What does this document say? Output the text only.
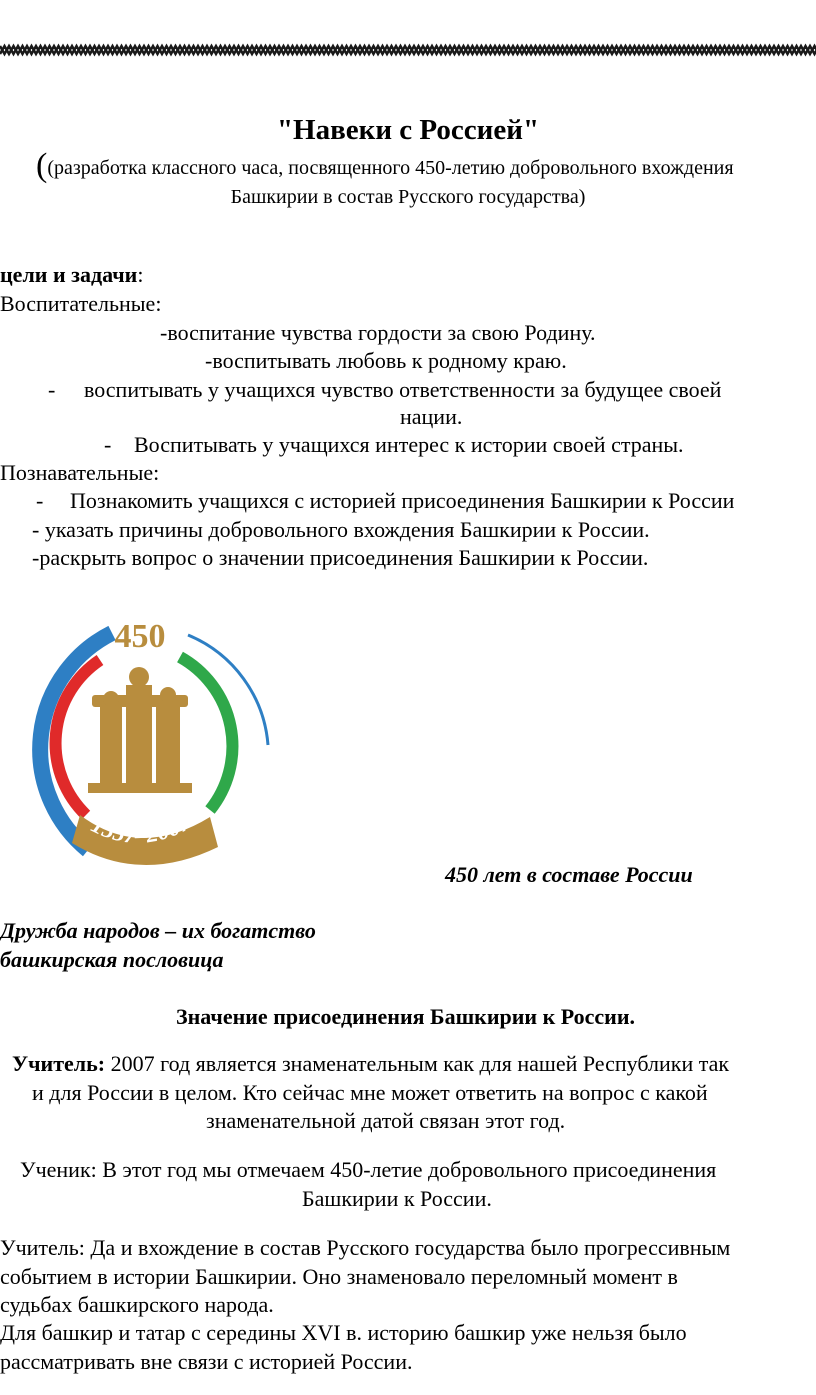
"Навеки с Россией"
((разработка классного часа, посвященного 450-летию добровольного вхождения
Башкирии в состав Русского государства)
цели и задачи:
Воспитательные:
-воспитание чувства гордости за свою Родину.
-воспитывать любовь к родному краю.
- воспитывать у учащихся чувство ответственности за будущее своей
нации.
- Воспитывать у учащихся интерес к истории своей страны.
Познавательные:
- Познакомить учащихся с историей присоединения Башкирии к России
- указать причины добровольного вхождения Башкирии к России.
-раскрыть вопрос о значении присоединения Башкирии к России.
450
1557–2007
450 лет в составе России
Дружба народов – их богатство
башкирская пословица
Значение присоединения Башкирии к России.
Учитель: 2007 год является знаменательным как для нашей Республики так
и для России в целом. Кто сейчас мне может ответить на вопрос с какой
знаменательной датой связан этот год.
Ученик: В этот год мы отмечаем 450-летие добровольного присоединения
Башкирии к России.
Учитель: Да и вхождение в состав Русского государства было прогрессивным
событием в истории Башкирии. Оно знаменовало переломный момент в
судьбах башкирского народа.
Для башкир и татар с середины XVI в. историю башкир уже нельзя было
рассматривать вне связи с историей России.
